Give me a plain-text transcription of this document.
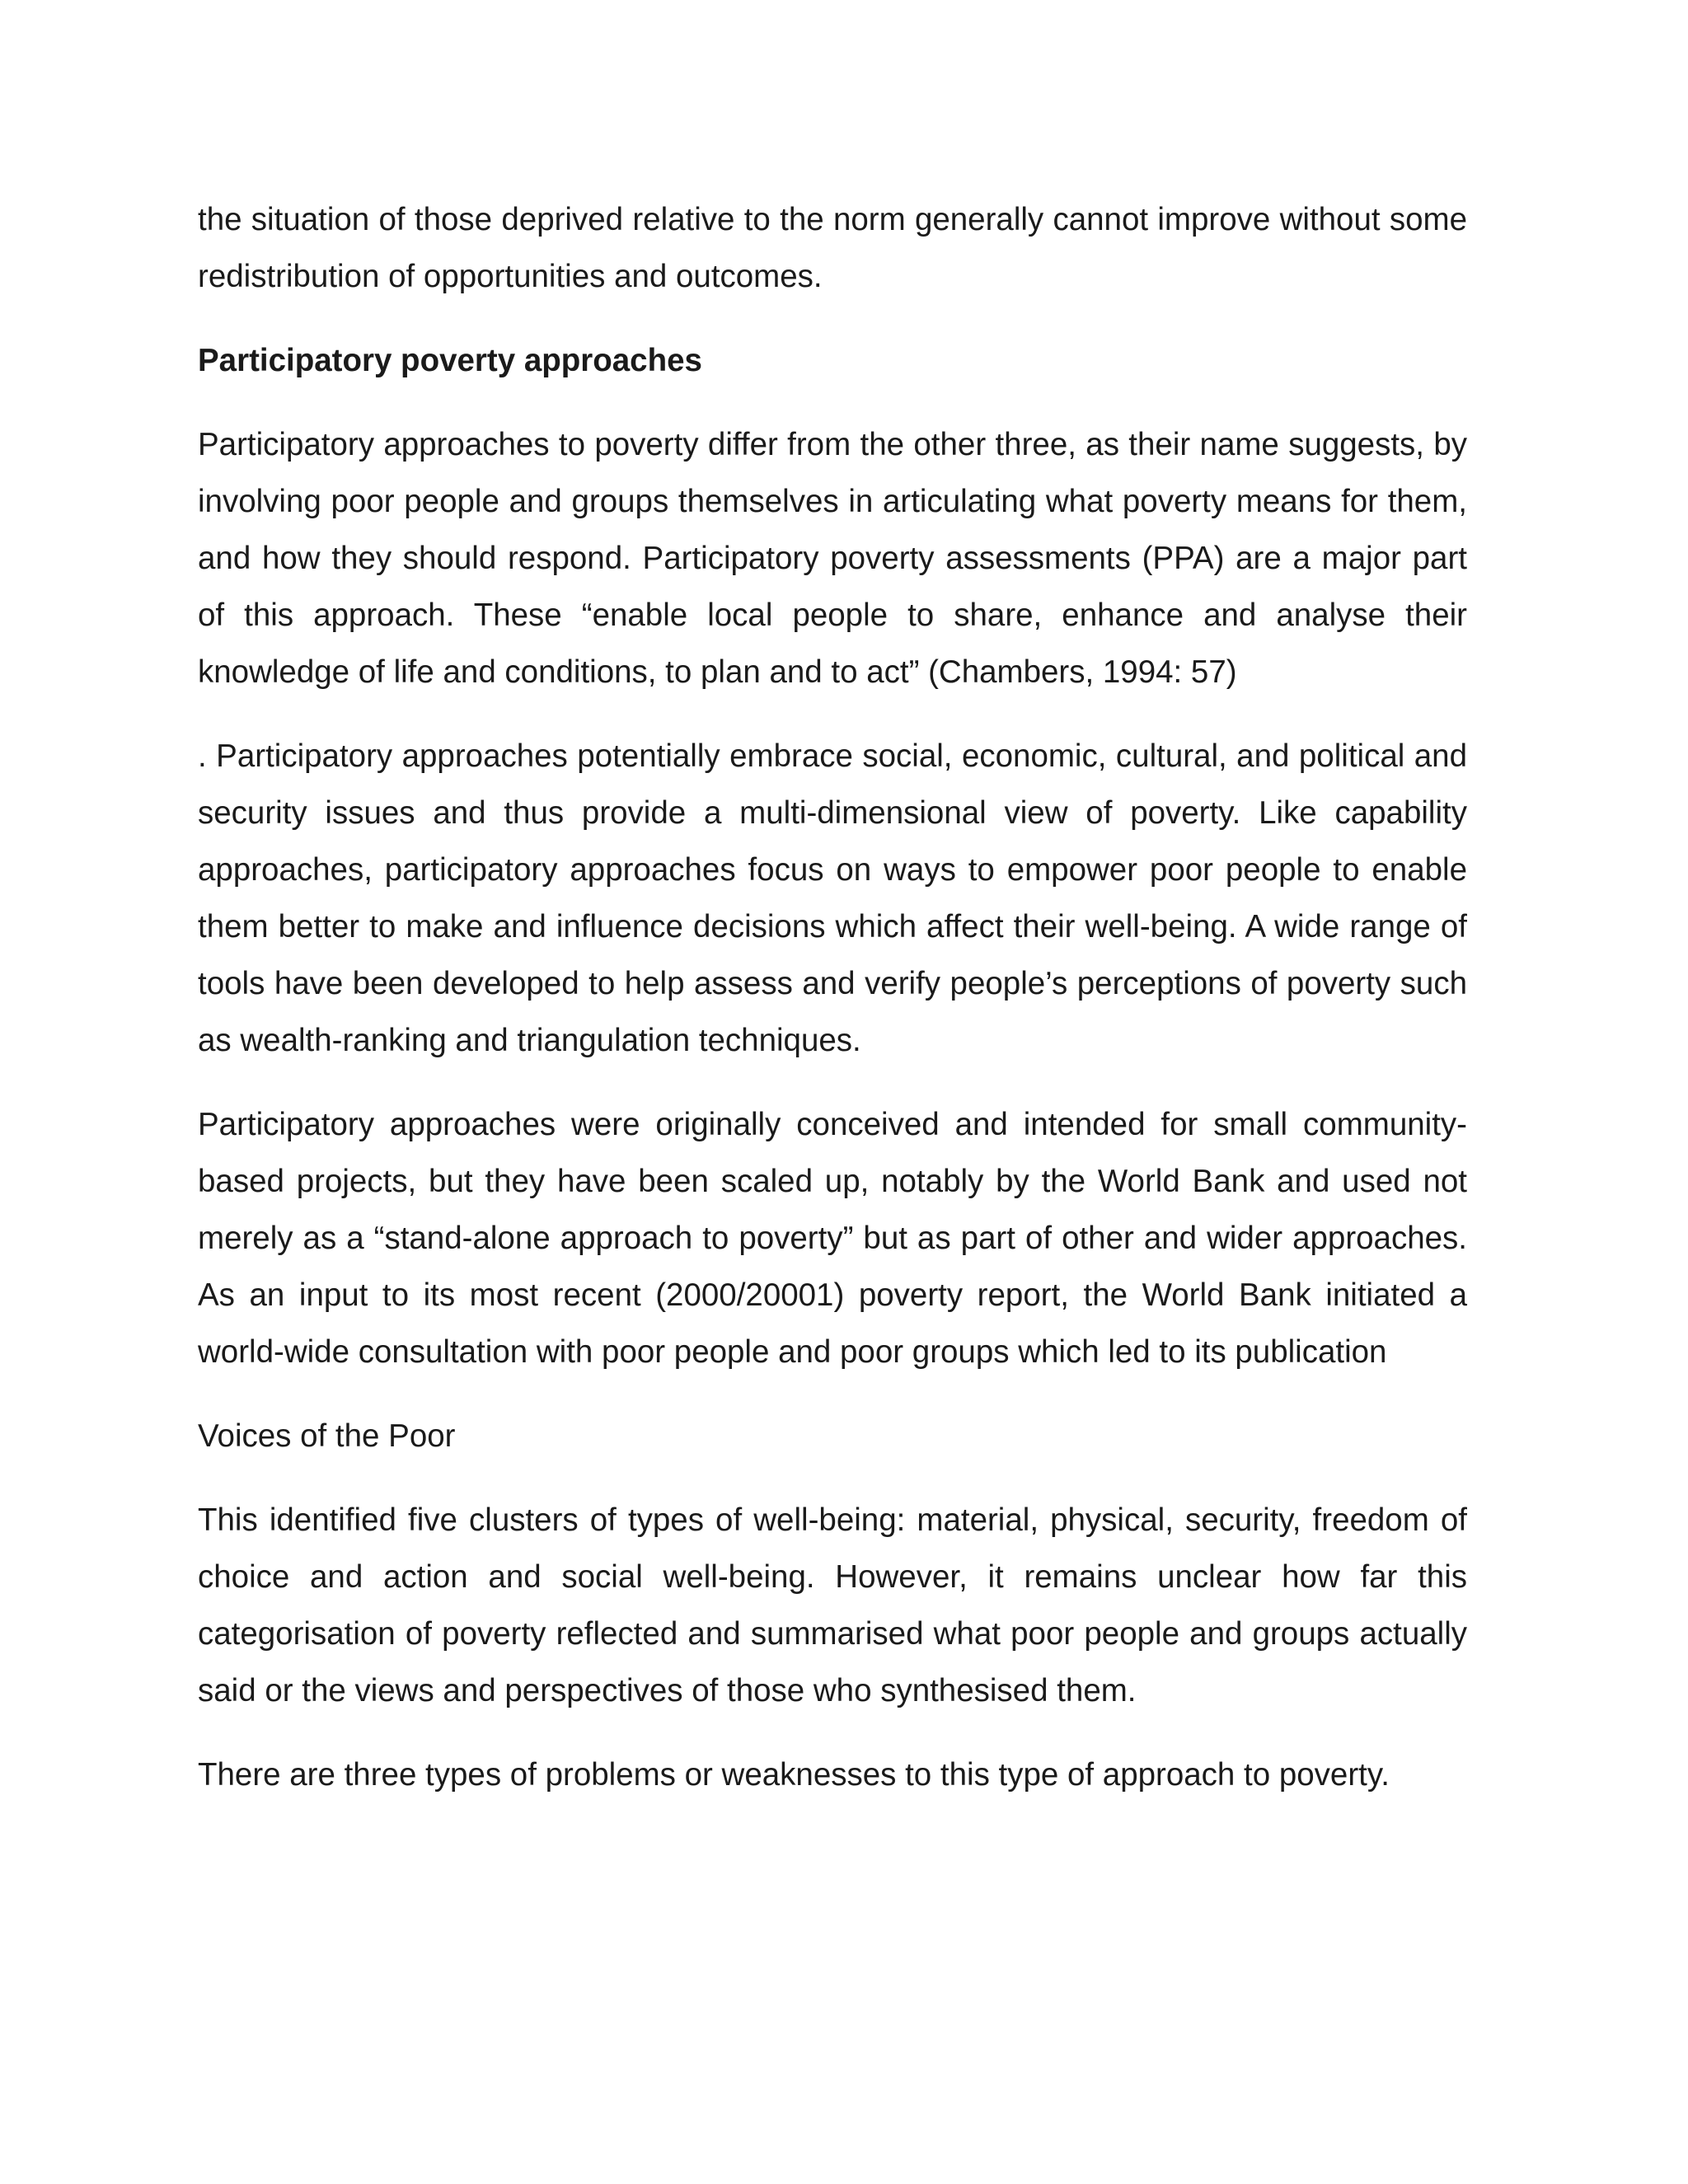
the situation of those deprived relative to the norm generally cannot improve without some redistribution of opportunities and outcomes.

Participatory poverty approaches

Participatory approaches to poverty differ from the other three, as their name suggests, by involving poor people and groups themselves in articulating what poverty means for them, and how they should respond. Participatory poverty assessments (PPA) are a major part of this approach. These “enable local people to share, enhance and analyse their knowledge of life and conditions, to plan and to act” (Chambers, 1994: 57)

. Participatory approaches potentially embrace social, economic, cultural, and political and security issues and thus provide a multi-dimensional view of poverty. Like capability approaches, participatory approaches focus on ways to empower poor people to enable them better to make and influence decisions which affect their well-being. A wide range of tools have been developed to help assess and verify people’s perceptions of poverty such as wealth-ranking and triangulation techniques.

Participatory approaches were originally conceived and intended for small community-based projects, but they have been scaled up, notably by the World Bank and used not merely as a “stand-alone approach to poverty” but as part of other and wider approaches. As an input to its most recent (2000/20001) poverty report, the World Bank initiated a world-wide consultation with poor people and poor groups which led to its publication

Voices of the Poor

This identified five clusters of types of well-being: material, physical, security, freedom of choice and action and social well-being. However, it remains unclear how far this categorisation of poverty reflected and summarised what poor people and groups actually said or the views and perspectives of those who synthesised them.

There are three types of problems or weaknesses to this type of approach to poverty.
